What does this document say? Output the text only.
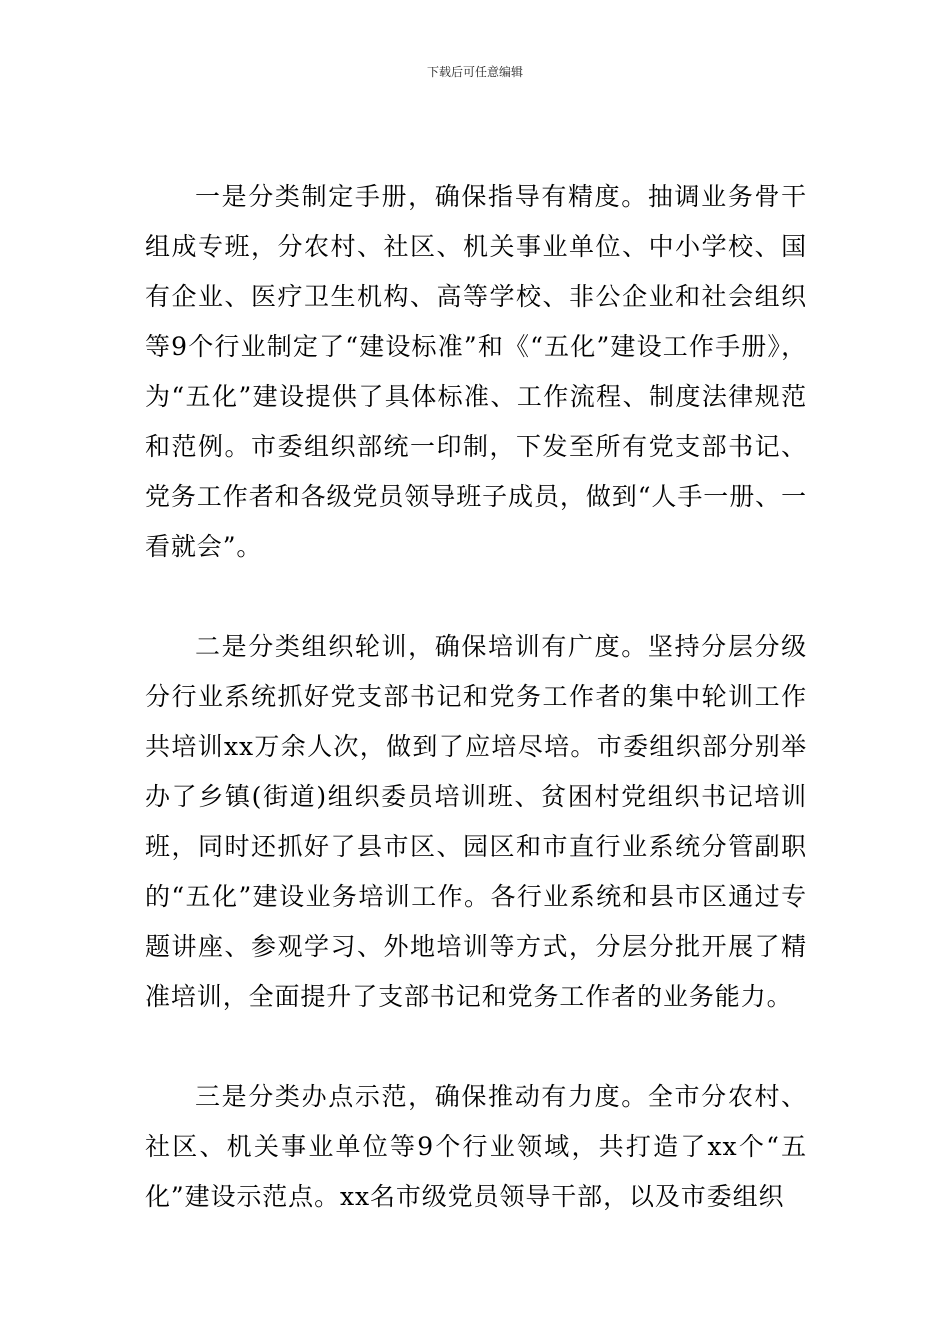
下载后可任意编辑

一是分类制定手册，确保指导有精度。抽调业务骨干组成专班，分农村、社区、机关事业单位、中小学校、国有企业、医疗卫生机构、高等学校、非公企业和社会组织等9个行业制定了“建设标准”和《“五化”建设工作手册》，为“五化”建设提供了具体标准、工作流程、制度法律规范和范例。市委组织部统一印制，下发至所有党支部书记、党务工作者和各级党员领导班子成员，做到“人手一册、一看就会”。

二是分类组织轮训，确保培训有广度。坚持分层分级分行业系统抓好党支部书记和党务工作者的集中轮训工作共培训xx万余人次，做到了应培尽培。市委组织部分别举办了乡镇(街道)组织委员培训班、贫困村党组织书记培训班，同时还抓好了县市区、园区和市直行业系统分管副职的“五化”建设业务培训工作。各行业系统和县市区通过专题讲座、参观学习、外地培训等方式，分层分批开展了精准培训，全面提升了支部书记和党务工作者的业务能力。

三是分类办点示范，确保推动有力度。全市分农村、社区、机关事业单位等9个行业领域，共打造了xx个“五化”建设示范点。xx名市级党员领导干部，以及市委组织
